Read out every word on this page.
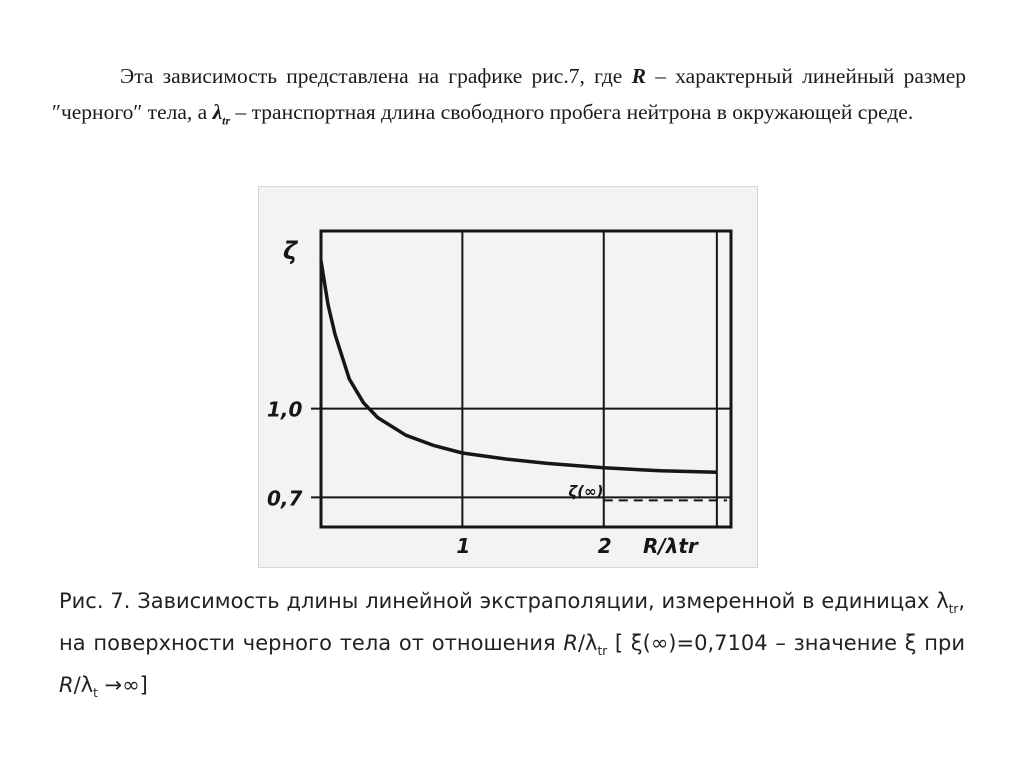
Эта зависимость представлена на графике рис.7, где R – характерный линейный размер ″черного″ тела, а $\lambda_{tr}$ – транспортная длина свободного пробега нейтрона в окружающей среде.
ζ(∞)
ζ
1,0
0,7
1	2 R/λtr
Рис. 7. Зависимость длины линейной экстраполяции, измеренной в единицах $\lambda_{tr}$, на поверхности черного тела от отношения $R/\lambda_{tr}$ [ ξ(∞)=0,7104 – значение ξ при $R/\lambda_t$ →∞]
